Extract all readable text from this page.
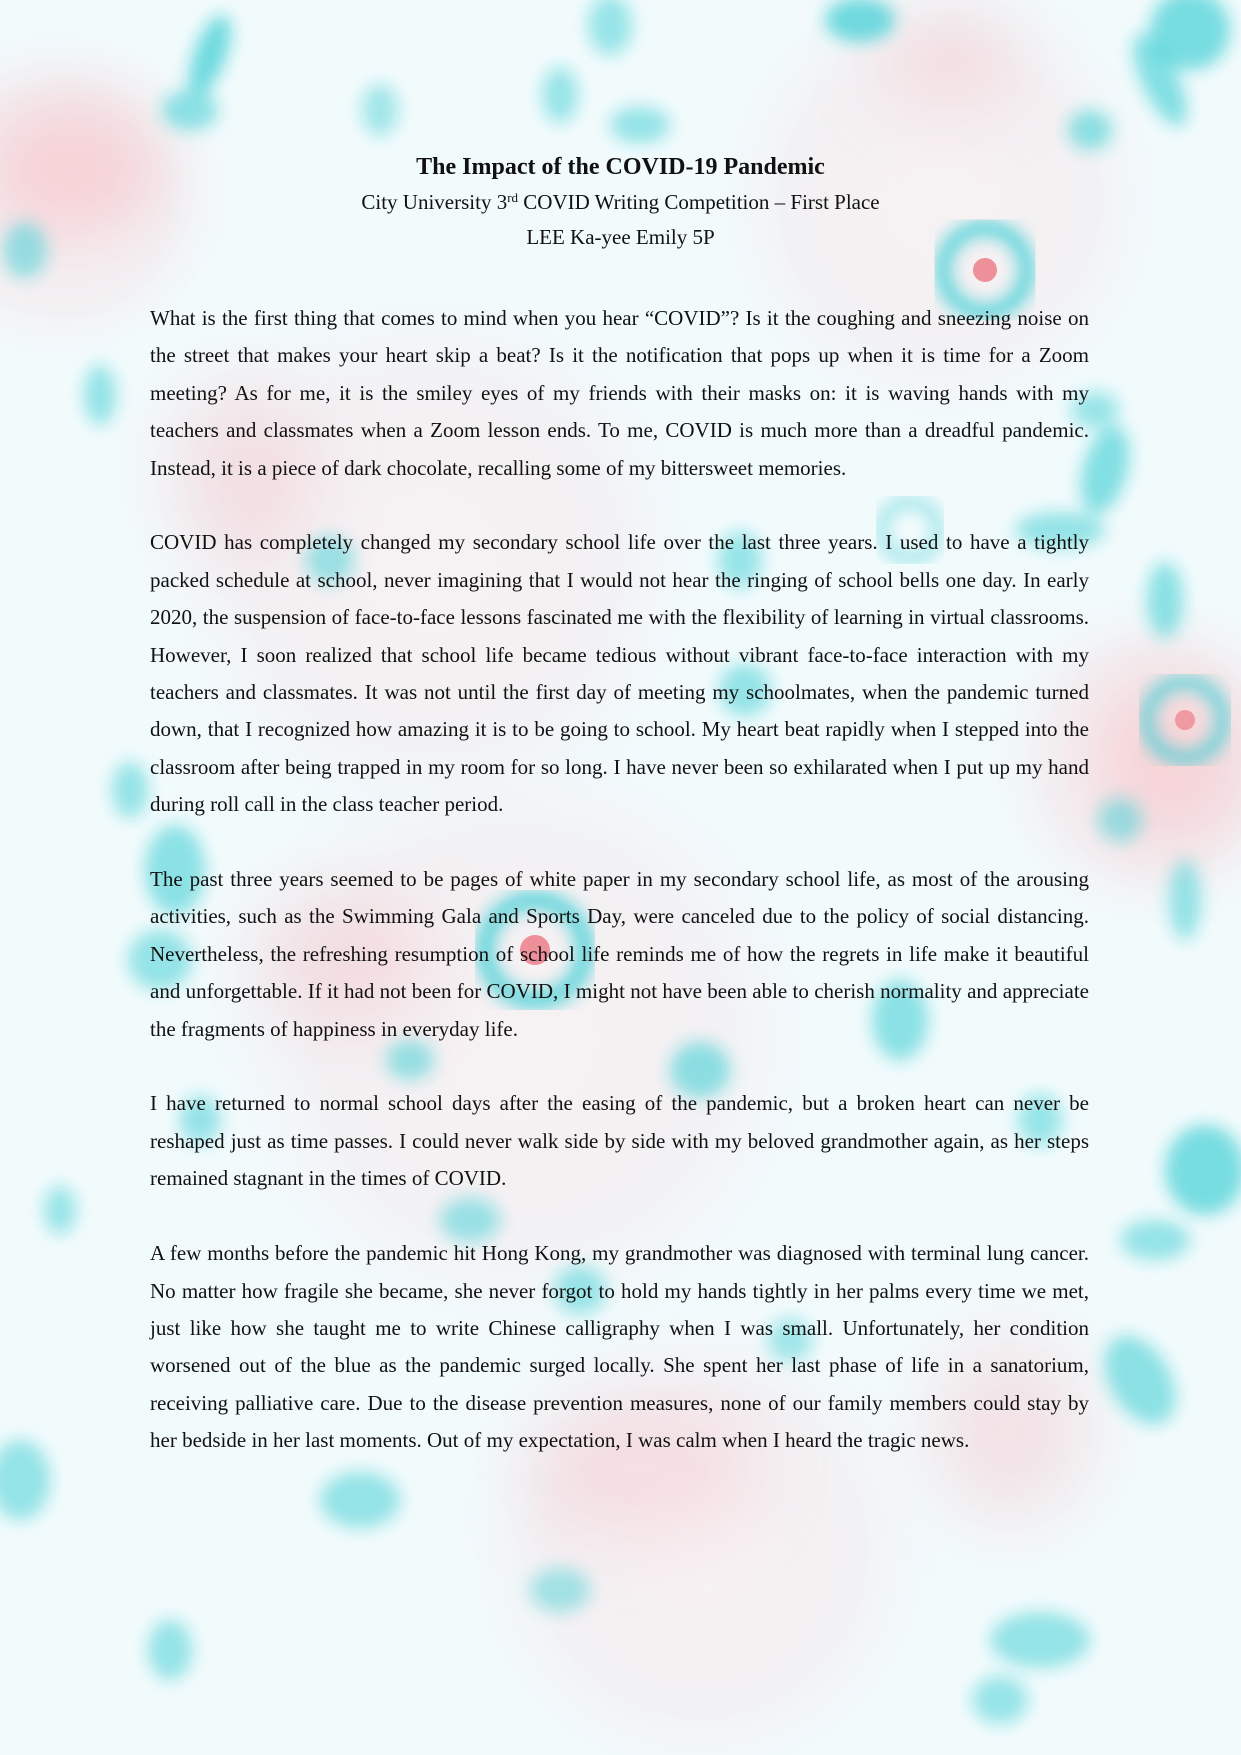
The Impact of the COVID-19 Pandemic

City University 3rd COVID Writing Competition – First Place

LEE Ka-yee Emily 5P

What is the first thing that comes to mind when you hear “COVID”? Is it the coughing and sneezing noise on the street that makes your heart skip a beat? Is it the notification that pops up when it is time for a Zoom meeting? As for me, it is the smiley eyes of my friends with their masks on: it is waving hands with my teachers and classmates when a Zoom lesson ends. To me, COVID is much more than a dreadful pandemic. Instead, it is a piece of dark chocolate, recalling some of my bittersweet memories.

COVID has completely changed my secondary school life over the last three years. I used to have a tightly packed schedule at school, never imagining that I would not hear the ringing of school bells one day. In early 2020, the suspension of face-to-face lessons fascinated me with the flexibility of learning in virtual classrooms. However, I soon realized that school life became tedious without vibrant face-to-face interaction with my teachers and classmates. It was not until the first day of meeting my schoolmates, when the pandemic turned down, that I recognized how amazing it is to be going to school. My heart beat rapidly when I stepped into the classroom after being trapped in my room for so long. I have never been so exhilarated when I put up my hand during roll call in the class teacher period.

The past three years seemed to be pages of white paper in my secondary school life, as most of the arousing activities, such as the Swimming Gala and Sports Day, were canceled due to the policy of social distancing. Nevertheless, the refreshing resumption of school life reminds me of how the regrets in life make it beautiful and unforgettable. If it had not been for COVID, I might not have been able to cherish normality and appreciate the fragments of happiness in everyday life.

I have returned to normal school days after the easing of the pandemic, but a broken heart can never be reshaped just as time passes. I could never walk side by side with my beloved grandmother again, as her steps remained stagnant in the times of COVID.

A few months before the pandemic hit Hong Kong, my grandmother was diagnosed with terminal lung cancer. No matter how fragile she became, she never forgot to hold my hands tightly in her palms every time we met, just like how she taught me to write Chinese calligraphy when I was small. Unfortunately, her condition worsened out of the blue as the pandemic surged locally. She spent her last phase of life in a sanatorium, receiving palliative care. Due to the disease prevention measures, none of our family members could stay by her bedside in her last moments. Out of my expectation, I was calm when I heard the tragic news.
